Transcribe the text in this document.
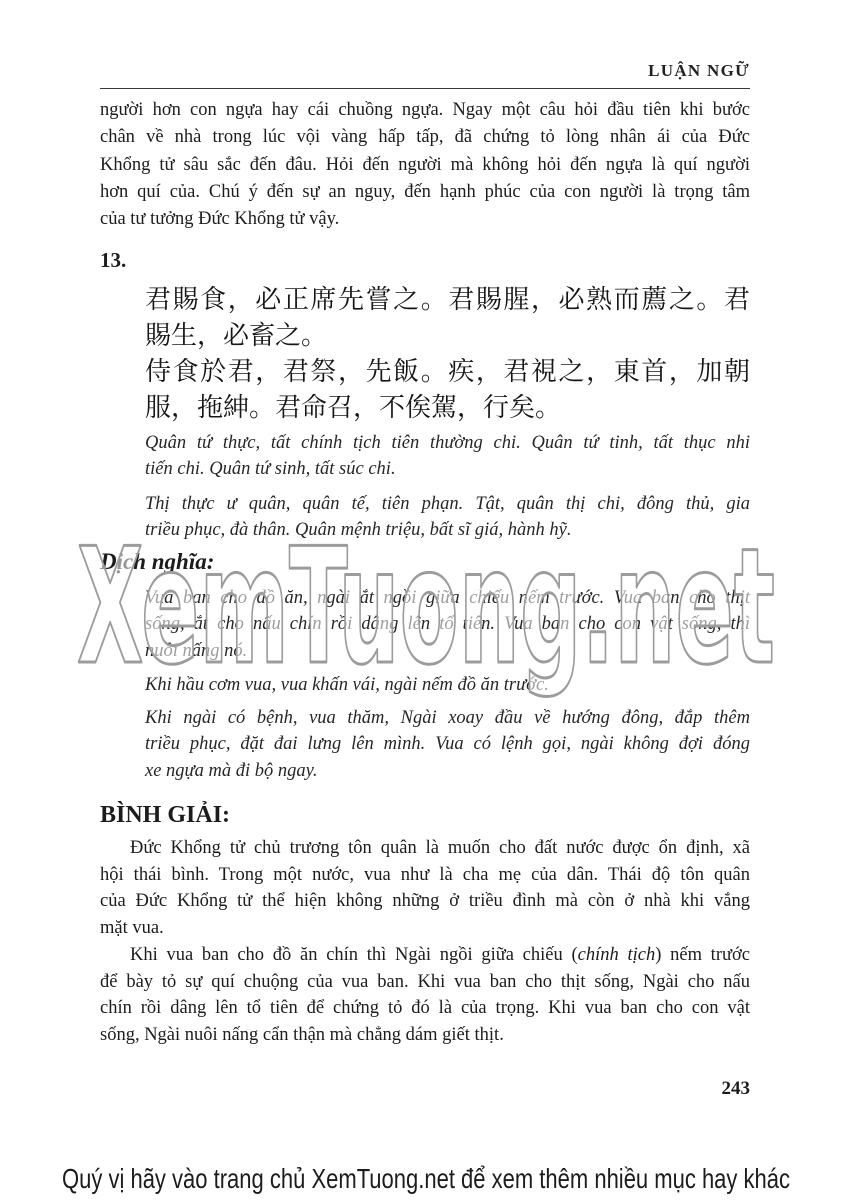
LUẬN NGỮ
người hơn con ngựa hay cái chuồng ngựa. Ngay một câu hỏi đầu tiên khi bước
chân về nhà trong lúc vội vàng hấp tấp, đã chứng tỏ lòng nhân ái của Đức
Khổng tử sâu sắc đến đâu. Hỏi đến người mà không hỏi đến ngựa là quí người
hơn quí của. Chú ý đến sự an nguy, đến hạnh phúc của con người là trọng tâm
của tư tưởng Đức Khổng tử vậy.
13.
君賜食，必正席先嘗之。君賜腥，必熟而薦之。君
賜生，必畜之。
侍食於君，君祭，先飯。疾，君視之，東首，加朝
服，拖紳。君命召，不俟駕，行矣。
Quân tứ thực, tất chính tịch tiên thường chi. Quân tứ tinh, tất thục nhi
tiến chi. Quân tứ sinh, tất súc chi.
Thị thực ư quân, quân tế, tiên phạn. Tật, quân thị chi, đông thủ, gia
triều phục, đà thân. Quân mệnh triệu, bất sĩ giá, hành hỹ.
Dịch nghĩa:
Vua ban cho đồ ăn, ngài ắt ngồi giữa chiếu nếm trước. Vua ban cho thịt
sống, ắt cho nấu chín rồi dâng lên tổ tiên. Vua ban cho con vật sống, thì
nuôi nấng nó.
Khi hầu cơm vua, vua khấn vái, ngài nếm đồ ăn trước.
Khi ngài có bệnh, vua thăm, Ngài xoay đầu về hướng đông, đắp thêm
triều phục, đặt đai lưng lên mình. Vua có lệnh gọi, ngài không đợi đóng
xe ngựa mà đi bộ ngay.
BÌNH GIẢI:
Đức Khổng tử chủ trương tôn quân là muốn cho đất nước được ổn định, xã
hội thái bình. Trong một nước, vua như là cha mẹ của dân. Thái độ tôn quân
của Đức Khổng tử thể hiện không những ở triều đình mà còn ở nhà khi vắng
mặt vua.
Khi vua ban cho đồ ăn chín thì Ngài ngồi giữa chiếu (chính tịch) nếm trước
để bày tỏ sự quí chuộng của vua ban. Khi vua ban cho thịt sống, Ngài cho nấu
chín rồi dâng lên tổ tiên để chứng tỏ đó là của trọng. Khi vua ban cho con vật
sống, Ngài nuôi nấng cẩn thận mà chẳng dám giết thịt.
243
XemTuong.net
Quý vị hãy vào trang chủ XemTuong.net để xem thêm nhiều mục hay khác
